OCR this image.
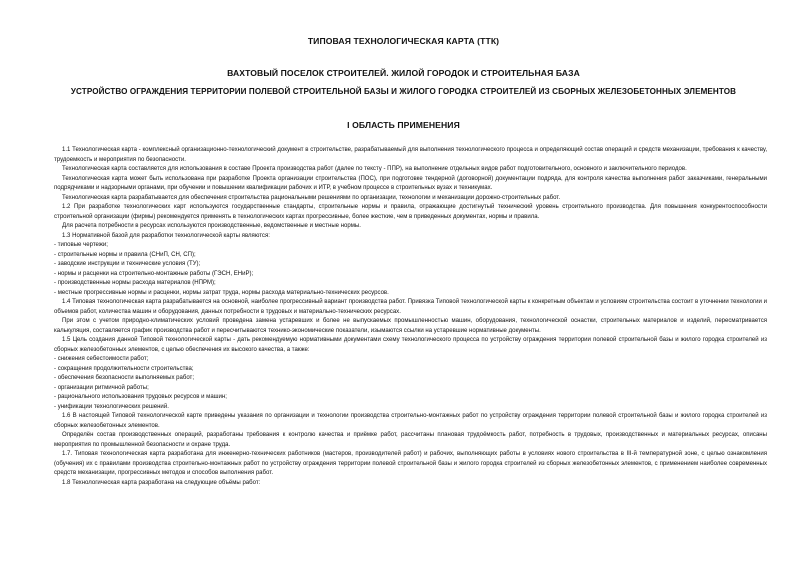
ТИПОВАЯ ТЕХНОЛОГИЧЕСКАЯ КАРТА (ТТК)
ВАХТОВЫЙ ПОСЕЛОК СТРОИТЕЛЕЙ. ЖИЛОЙ ГОРОДОК И СТРОИТЕЛЬНАЯ БАЗА
УСТРОЙСТВО ОГРАЖДЕНИЯ ТЕРРИТОРИИ ПОЛЕВОЙ СТРОИТЕЛЬНОЙ БАЗЫ И ЖИЛОГО ГОРОДКА СТРОИТЕЛЕЙ ИЗ СБОРНЫХ ЖЕЛЕЗОБЕТОННЫХ ЭЛЕМЕНТОВ
I ОБЛАСТЬ ПРИМЕНЕНИЯ

1.1 Технологическая карта - комплексный организационно-технологический документ в строительстве, разрабатываемый для выполнения технологического процесса и определяющий состав операций и средств механизации, требования к качеству, трудоемкость и мероприятия по безопасности.

Технологическая карта составляется для использования в составе Проекта производства работ (далее по тексту - ППР), на выполнение отдельных видов работ подготовительного, основного и заключительного периодов.

Технологическая карта может быть использована при разработке Проекта организации строительства (ПОС), при подготовке тендерной (договорной) документации подряда, для контроля качества выполнения работ заказчиками, генеральными подрядчиками и надзорными органами, при обучении и повышении квалификации рабочих и ИТР, в учебном процессе в строительных вузах и техникумах.

Технологическая карта разрабатывается для обеспечения строительства рациональными решениями по организации, технологии и механизации дорожно-строительных работ.

1.2 При разработке технологических карт используются государственные стандарты, строительные нормы и правила, отражающие достигнутый технический уровень строительного производства. Для повышения конкурентоспособности строительной организации (фирмы) рекомендуется применять в технологических картах прогрессивные, более жесткие, чем в приведенных документах, нормы и правила.

Для расчета потребности в ресурсах используются производственные, ведомственные и местные нормы.

1.3 Нормативной базой для разработки технологической карты являются:

- типовые чертежи;

- строительные нормы и правила (СНиП, СН, СП);

- заводские инструкции и технические условия (ТУ);

- нормы и расценки на строительно-монтажные работы (ГЭСН, ЕНиР);

- производственные нормы расхода материалов (НПРМ);

- местные прогрессивные нормы и расценки, нормы затрат труда, нормы расхода материально-технических ресурсов.

1.4 Типовая технологическая карта разрабатывается на основной, наиболее прогрессивный вариант производства работ. Привязка Типовой технологической карты к конкретным объектам и условиям строительства состоит в уточнении технологии и объемов работ, количества машин и оборудования, данных потребности в трудовых и материально-технических ресурсах.

При этом с учетом природно-климатических условий проведена замена устаревших и более не выпускаемых промышленностью машин, оборудования, технологической оснастки, строительных материалов и изделий, пересматривается калькуляция, составляется график производства работ и пересчитываются технико-экономические показатели, изымаются ссылки на устаревшие нормативные документы.

1.5 Цель создания данной Типовой технологической карты - дать рекомендуемую нормативными документами схему технологического процесса по устройству ограждения территории полевой строительной базы и жилого городка строителей из сборных железобетонных элементов, с целью обеспечения их высокого качества, а также:

- снижения себестоимости работ;

- сокращения продолжительности строительства;

- обеспечения безопасности выполняемых работ;

- организации ритмичной работы;

- рационального использования трудовых ресурсов и машин;

- унификации технологических решений.

1.6 В настоящей Типовой технологической карте приведены указания по организации и технологии производства строительно-монтажных работ по устройству ограждения территории полевой строительной базы и жилого городка строителей из сборных железобетонных элементов.

Определён состав производственных операций, разработаны требования к контролю качества и приёмке работ, рассчитаны плановая трудоёмкость работ, потребность в трудовых, производственных и материальных ресурсах, описаны мероприятия по промышленной безопасности и охране труда.

1.7. Типовая технологическая карта разработана для инженерно-технических работников (мастеров, производителей работ) и рабочих, выполняющих работы в условиях нового строительства в III-й температурной зоне, с целью ознакомления (обучения) их с правилами производства строительно-монтажных работ по устройству ограждения территории полевой строительной базы и жилого городка строителей из сборных железобетонных элементов, с применением наиболее современных средств механизации, прогрессивных методов и способов выполнения работ.

1.8 Технологическая карта разработана на следующие объёмы работ:
